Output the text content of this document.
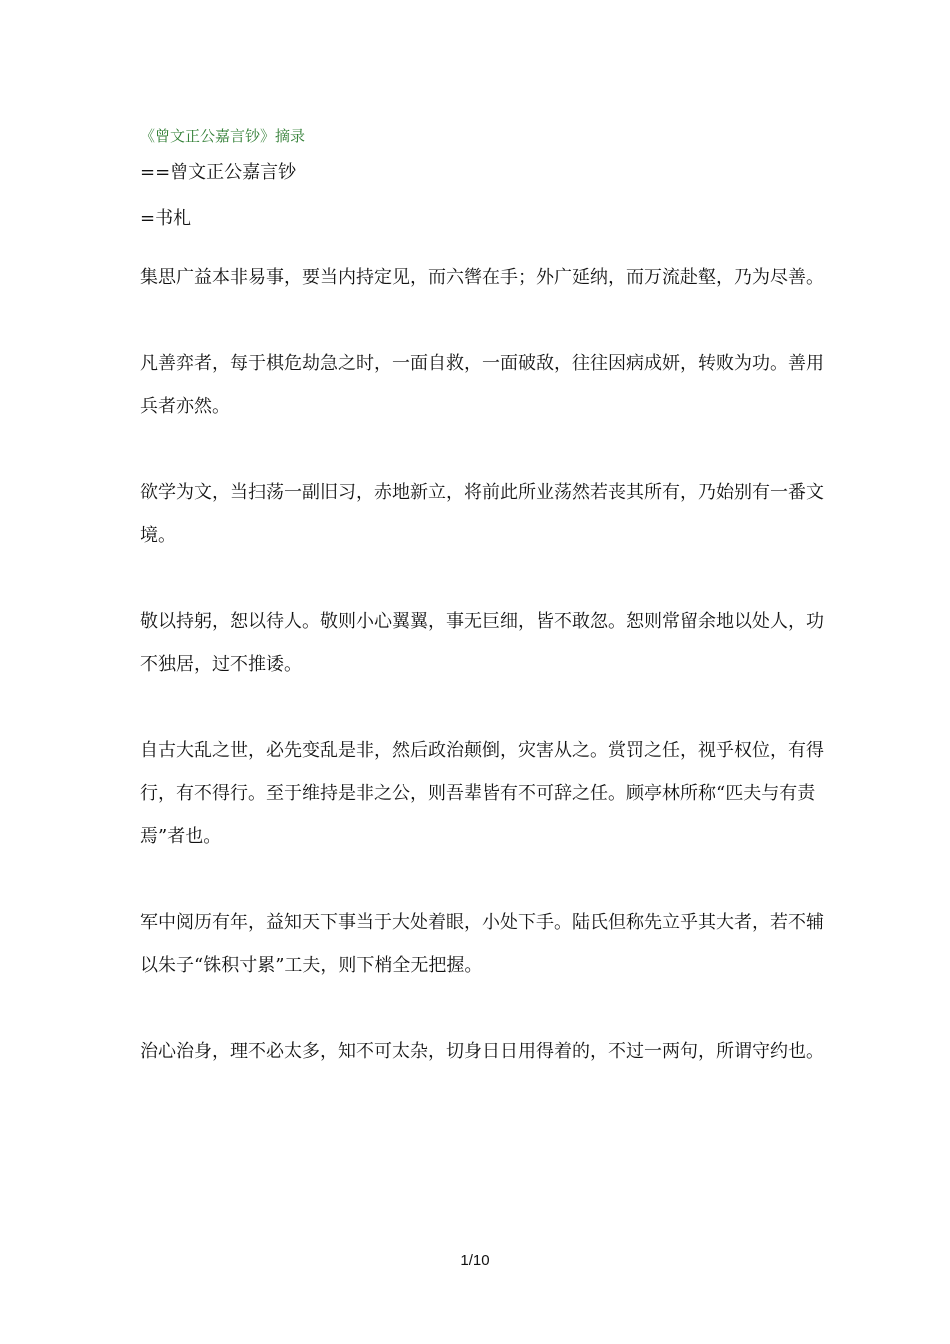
《曾文正公嘉言钞》摘录
==曾文正公嘉言钞
=书札

集思广益本非易事，要当内持定见，而六辔在手；外广延纳，而万流赴壑，乃为尽善。

凡善弈者，每于棋危劫急之时，一面自救，一面破敌，往往因病成妍，转败为功。善用兵者亦然。

欲学为文，当扫荡一副旧习，赤地新立，将前此所业荡然若丧其所有，乃始别有一番文境。

敬以持躬，恕以待人。敬则小心翼翼，事无巨细，皆不敢忽。恕则常留余地以处人，功不独居，过不推诿。

自古大乱之世，必先变乱是非，然后政治颠倒，灾害从之。赏罚之任，视乎权位，有得行，有不得行。至于维持是非之公，则吾辈皆有不可辞之任。顾亭林所称“匹夫与有责焉”者也。

军中阅历有年，益知天下事当于大处着眼，小处下手。陆氏但称先立乎其大者，若不辅以朱子“铢积寸累”工夫，则下梢全无把握。

治心治身，理不必太多，知不可太杂，切身日日用得着的，不过一两句，所谓守约也。

1/10
